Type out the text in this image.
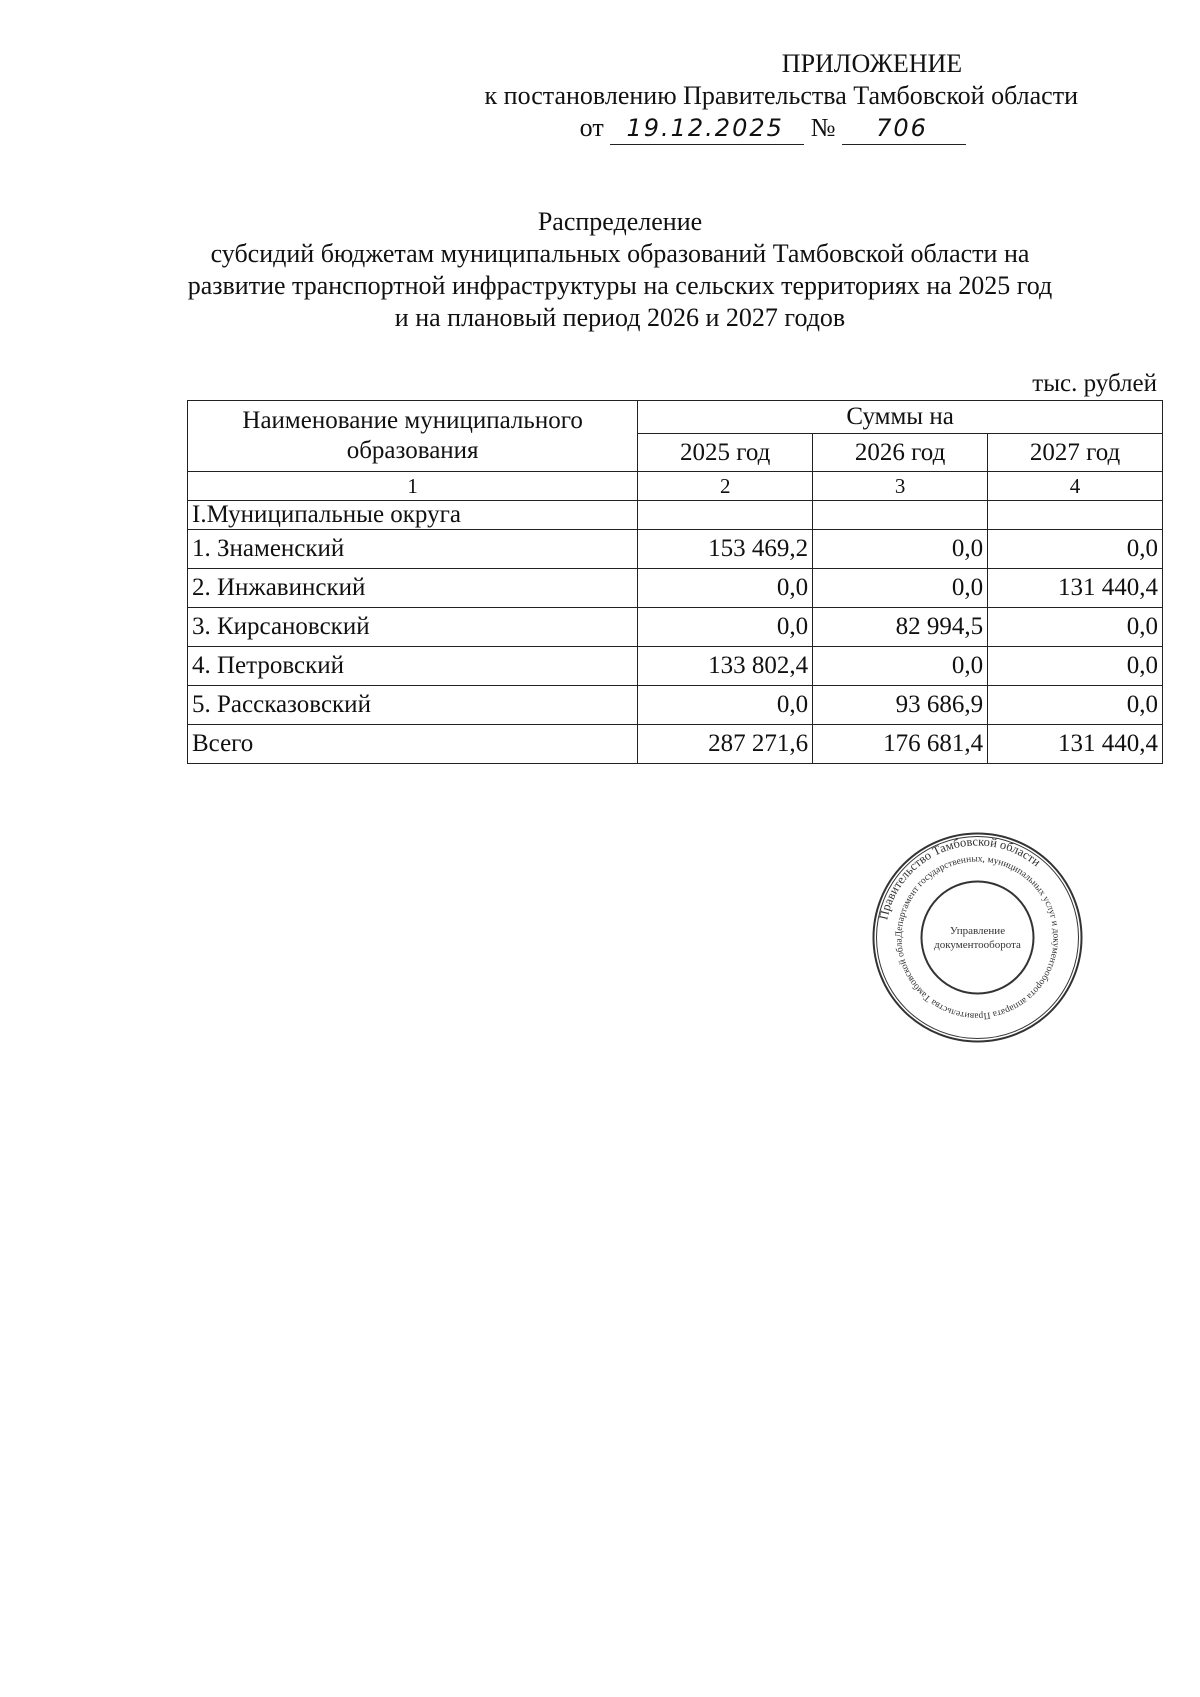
ПРИЛОЖЕНИЕ
к постановлению Правительства Тамбовской области
от 19.12.2025 № 706
Распределение
субсидий бюджетам муниципальных образований Тамбовской области на
развитие транспортной инфраструктуры на сельских территориях на 2025 год
и на плановый период 2026 и 2027 годов
тыс. рублей
Наименование муниципального образования	Суммы на		
	2025 год	2026 год	2027 год
1	2	3	4
I.Муниципальные округа			
1. Знаменский	153 469,2	0,0	0,0
2. Инжавинский	0,0	0,0	131 440,4
3. Кирсановский	0,0	82 994,5	0,0
4. Петровский	133 802,4	0,0	0,0
5. Рассказовский	0,0	93 686,9	0,0
Всего	287 271,6	176 681,4	131 440,4
Правительство Тамбовской области
Департамент государственных, муниципальных услуг и документооборота аппарата Правительства Тамбовской обла
Управление
документооборота
